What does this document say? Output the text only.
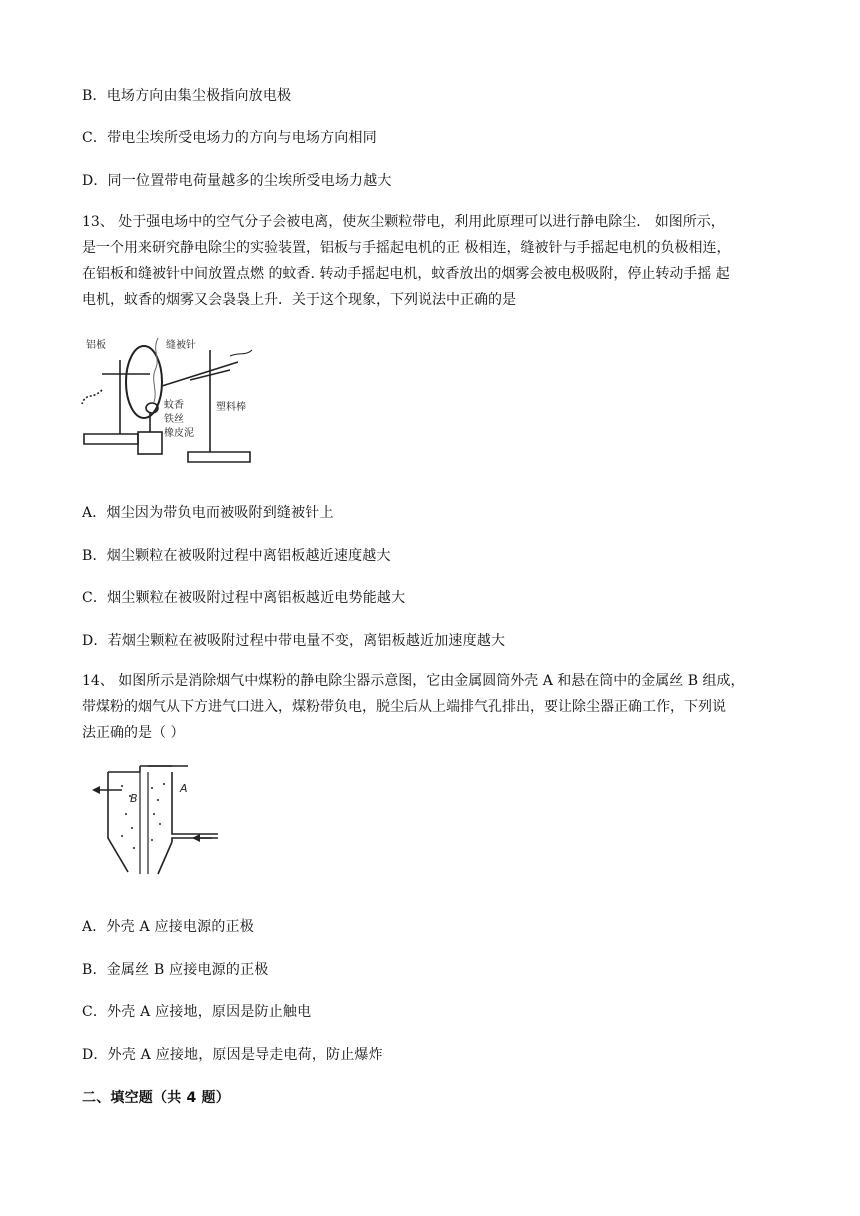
B．电场方向由集尘极指向放电极
C．带电尘埃所受电场力的方向与电场方向相同
D．同一位置带电荷量越多的尘埃所受电场力越大
13、 处于强电场中的空气分子会被电离，使灰尘颗粒带电，利用此原理可以进行静电除尘． 如图所示，
是一个用来研究静电除尘的实验装置，铝板与手摇起电机的正 极相连，缝被针与手摇起电机的负极相连，
在铝板和缝被针中间放置点燃 的蚊香. 转动手摇起电机，蚊香放出的烟雾会被电极吸附，停止转动手摇 起
电机，蚊香的烟雾又会袅袅上升．关于这个现象，下列说法中正确的是
铝板	缝被针
蚊香
铁丝
橡皮泥
塑料棒
A．烟尘因为带负电而被吸附到缝被针上
B．烟尘颗粒在被吸附过程中离铝板越近速度越大
C．烟尘颗粒在被吸附过程中离铝板越近电势能越大
D．若烟尘颗粒在被吸附过程中带电量不变，离铝板越近加速度越大
14、 如图所示是消除烟气中煤粉的静电除尘器示意图，它由金属圆筒外壳 A 和悬在筒中的金属丝 B 组成，
带煤粉的烟气从下方进气口进入，煤粉带负电，脱尘后从上端排气孔排出，要让除尘器正确工作，下列说
法正确的是（ ）
A
B
A．外壳 A 应接电源的正极
B．金属丝 B 应接电源的正极
C．外壳 A 应接地，原因是防止触电
D．外壳 A 应接地，原因是导走电荷，防止爆炸
二、填空题（共 4 题）
